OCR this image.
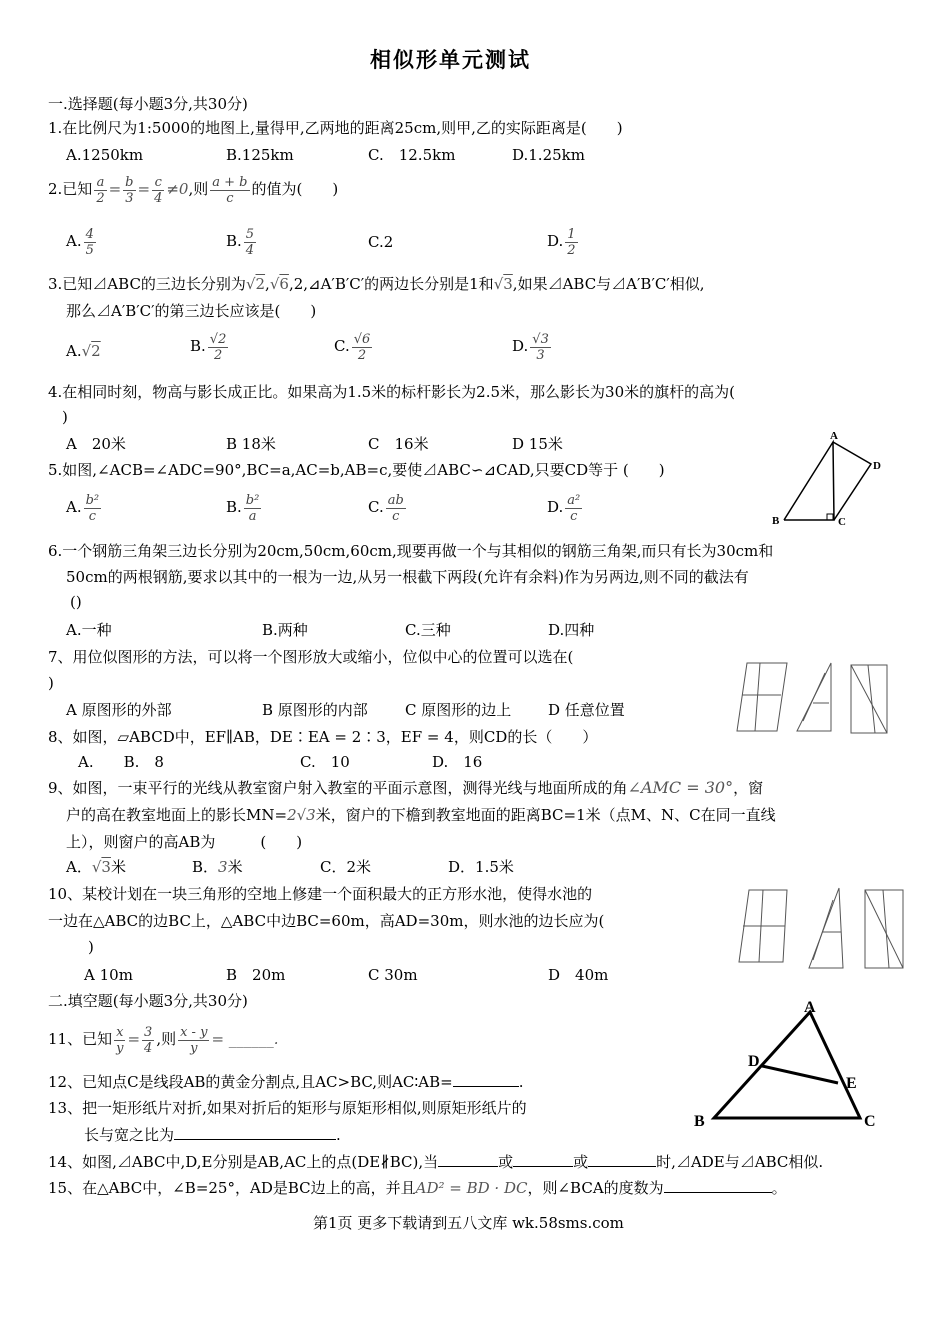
相似形单元测试
一.选择题(每小题3分,共30分)
1.在比例尺为1:5000的地图上,量得甲,乙两地的距离25cm,则甲,乙的实际距离是(　　)
A.1250km	B.125km	C.　12.5km	D.1.25km
2.已知 $\frac{a}{2} = \frac{b}{3} = \frac{c}{4} \ne 0$,则 $\frac{a + b}{c}$ 的值为(　　)
A. $\frac{4}{5}$	B. $\frac{5}{4}$	C.2	D. $\frac{1}{2}$
3.已知⊿ABC的三边长分别为√2,√6,2,⊿A′B′C′的两边长分别是1和√3,如果⊿ABC与⊿A′B′C′相似,
那么⊿A′B′C′的第三边长应该是(　　)
A.√2	B. $\frac{√2}{2}$	C. $\frac{√6}{2}$	D. $\frac{√3}{3}$
4.在相同时刻，物高与影长成正比。如果高为1.5米的标杆影长为2.5米，那么影长为30米的旗杆的高为(
)
A　20米	B 18米	C　16米	D 15米
5.如图,∠ACB=∠ADC=90°,BC=a,AC=b,AB=c,要使⊿ABC∽⊿CAD,只要CD等于 (　　)
A. $\frac{\text{b²}}{c}$	B. $\frac{\text{b²}}{a}$	C. $\frac{ab}{c}$	D. $\frac{\text{a²}}{c}$
A
B	C
D
6.一个钢筋三角架三边长分别为20cm,50cm,60cm,现要再做一个与其相似的钢筋三角架,而只有长为30cm和
50cm的两根钢筋,要求以其中的一根为一边,从另一根截下两段(允许有余料)作为另两边,则不同的截法有
()
A.一种	B.两种	C.三种	D.四种
7、用位似图形的方法，可以将一个图形放大或缩小，位似中心的位置可以选在(
)
A 原图形的外部	B 原图形的内部 C 原图形的边上 D 任意位置
8、如图，▱ABCD中，EF∥AB，DE∶EA = 2∶3，EF = 4，则CD的长（　　）
A.　　B.　8	C.　10	D.　16
9、如图，一束平行的光线从教室窗户射入教室的平面示意图，测得光线与地面所成的角∠AMC = 30°，窗
户的高在教室地面上的影长MN=2√3米，窗户的下檐到教室地面的距离BC=1米（点M、N、C在同一直线
上），则窗户的高AB为　　　(　　)
A．√3米	B．3米	C．2米	D．1.5米
10、某校计划在一块三角形的空地上修建一个面积最大的正方形水池，使得水池的
一边在△ABC的边BC上，△ABC中边BC=60m，高AD=30m，则水池的边长应为(
)
A 10m	B　20m	C 30m	D　40m
二.填空题(每小题3分,共30分)
11、已知 $\frac{x}{y} = \frac{3}{4}$ ,则 $\frac{x - y}{y}$ = ______.
12、已知点C是线段AB的黄金分割点,且AC>BC,则AC∶AB=	.
13、把一矩形纸片对折,如果对折后的矩形与原矩形相似,则原矩形纸片的
长与宽之比为	.
14、如图,⊿ABC中,D,E分别是AB,AC上的点(DE∦BC),当	或	或	时,⊿ADE与⊿ABC相似.
15、在△ABC中，∠B=25°，AD是BC边上的高，并且AD² = BD · DC，则∠BCA的度数为	。
A
B	C
D
E
第1页 更多下载请到五八文库 wk.58sms.com
